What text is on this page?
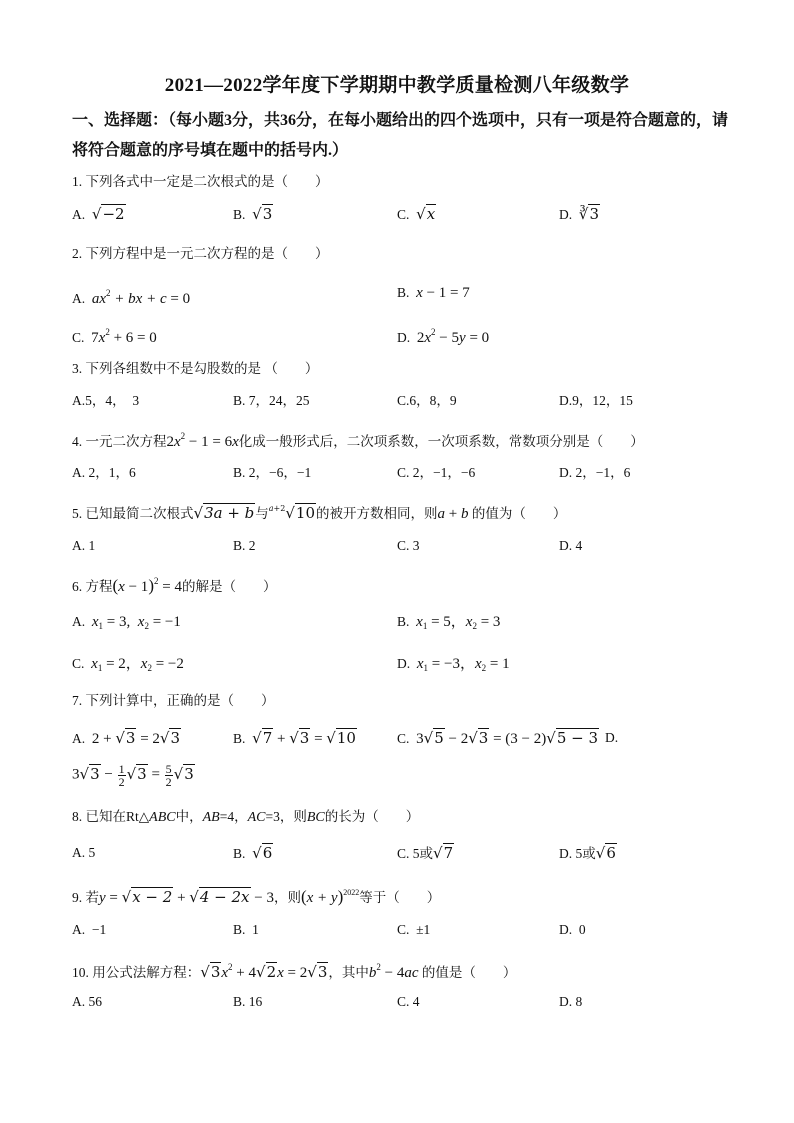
2021—2022学年度下学期期中教学质量检测八年级数学
一、选择题：（每小题3分，共36分，在每小题给出的四个选项中，只有一项是符合题意的，请将符合题意的序号填在题中的括号内.）
1. 下列各式中一定是二次根式的是（　　）
A. √−2	B. √3	C. √x	D. ∛3
2. 下列方程中是一元二次方程的是（　　）
A. $ax^2$ + bx + c = 0	B. x − 1 = 7
C. $7x^2 + 6 = 0$	D. $2x^2 - 5y = 0$
3. 下列各组数中不是勾股数的是 （　　）
A.5，4，　3	B. 7，24，25	C.6，8，9	D.9，12，15
4. 一元二次方程$2x^2 - 1 = 6x$化成一般形式后，二次项系数，一次项系数，常数项分别是（　　）
A. 2，1，6	B. 2，−6，−1	C. 2，−1，−6	D. 2，−1，6
5. 已知最简二次根式√3a + b与$^{a+2}$√10的被开方数相同，则a + b 的值为（　　）
A. 1	B. 2	C. 3	D. 4
6. 方程$(x - 1)^2 = 4$的解是（　　）
A. $x_1 = 3$,  $x_2 = -1$	B. $x_1 = 5$，$x_2 = 3$
C. $x_1 = 2$，$x_2 = -2$	D. $x_1 = -3$，$x_2 = 1$
7. 下列计算中，正确的是（　　）
A. 2 + √3 = 2√3	B. √7 + √3 = √10	C. 3√5 − 2√3 = (3 − 2)√5 − 3 D.
$3√3 - \frac{1}{2} √3 = \frac{5}{2} √3$
8. 已知在Rt△ABC中，AB=4，AC=3，则BC的长为（　　）
A. 5	B. √6	C. 5或√7	D. 5或√6
9. 若y = √x − 2 + √4 − 2x − 3，则$(x + y)^{2022}$等于（　　）
A. −1	B. 1	C. ±1	D. 0
10. 用公式法解方程：$√3x^2 + 4√2x = 2√3$，其中$b^2 - 4ac$ 的值是（　　）
A. 56	B. 16	C. 4	D. 8
